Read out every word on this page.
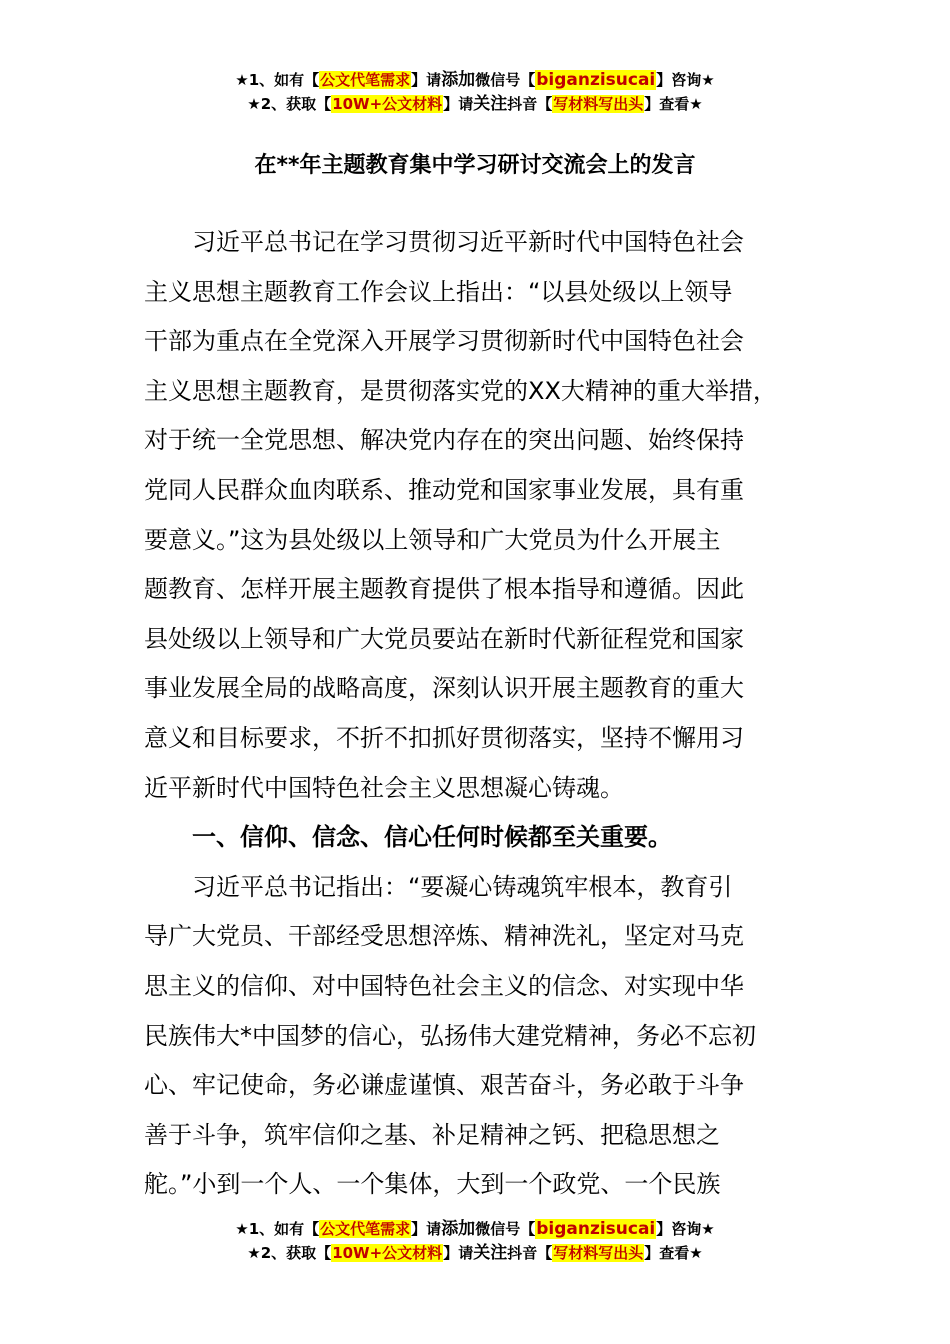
★1、如有【公文代笔需求】请添加微信号【biganzisucai】咨询★
★2、获取【10W+公文材料】请关注抖音【写材料写出头】查看★
在**年主题教育集中学习研讨交流会上的发言
　　习近平总书记在学习贯彻习近平新时代中国特色社会
主义思想主题教育工作会议上指出：“以县处级以上领导
干部为重点在全党深入开展学习贯彻新时代中国特色社会
主义思想主题教育，是贯彻落实党的XX大精神的重大举措，
对于统一全党思想、解决党内存在的突出问题、始终保持
党同人民群众血肉联系、推动党和国家事业发展，具有重
要意义。”这为县处级以上领导和广大党员为什么开展主
题教育、怎样开展主题教育提供了根本指导和遵循。因此
县处级以上领导和广大党员要站在新时代新征程党和国家
事业发展全局的战略高度，深刻认识开展主题教育的重大
意义和目标要求，不折不扣抓好贯彻落实，坚持不懈用习
近平新时代中国特色社会主义思想凝心铸魂。
　　一、信仰、信念、信心任何时候都至关重要。
　　习近平总书记指出：“要凝心铸魂筑牢根本，教育引
导广大党员、干部经受思想淬炼、精神洗礼，坚定对马克
思主义的信仰、对中国特色社会主义的信念、对实现中华
民族伟大*中国梦的信心，弘扬伟大建党精神，务必不忘初
心、牢记使命，务必谦虚谨慎、艰苦奋斗，务必敢于斗争
善于斗争，筑牢信仰之基、补足精神之钙、把稳思想之
舵。”小到一个人、一个集体，大到一个政党、一个民族
★1、如有【公文代笔需求】请添加微信号【biganzisucai】咨询★
★2、获取【10W+公文材料】请关注抖音【写材料写出头】查看★
